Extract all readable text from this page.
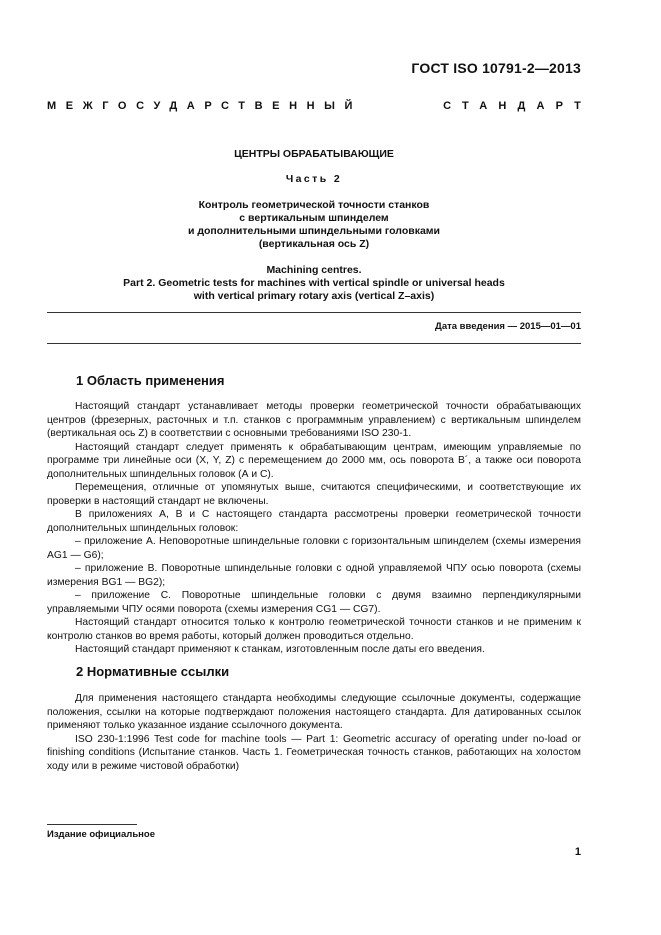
ГОСТ ISO 10791-2—2013
МЕЖГОСУДАРСТВЕННЫЙ	СТАНДАРТ
ЦЕНТРЫ ОБРАБАТЫВАЮЩИЕ
Часть 2
Контроль геометрической точности станков
с вертикальным шпинделем
и дополнительными шпиндельными головками
(вертикальная ось Z)
Machining centres.
Part 2. Geometric tests for machines with vertical spindle or universal heads
with vertical primary rotary axis (vertical Z–axis)
Дата введения — 2015—01—01
1 Область применения

Настоящий стандарт устанавливает методы проверки геометрической точности обрабатывающих центров (фрезерных, расточных и т.п. станков с программным управлением) с вертикальным шпинделем (вертикальная ось Z) в соответствии с основными требованиями ISO 230-1.

Настоящий стандарт следует применять к обрабатывающим центрам, имеющим управляемые по программе три линейные оси (X, Y, Z) с перемещением до 2000 мм, ось поворота B´, а также оси поворота дополнительных шпиндельных головок (А и С).

Перемещения, отличные от упомянутых выше, считаются специфическими, и соответствующие их проверки в настоящий стандарт не включены.

В приложениях А, В и С настоящего стандарта рассмотрены проверки геометрической точности дополнительных шпиндельных головок:

– приложение А. Неповоротные шпиндельные головки с горизонтальным шпинделем (схемы измерения AG1 — G6);

– приложение В. Поворотные шпиндельные головки с одной управляемой ЧПУ осью поворота (схемы измерения BG1 — BG2);

– приложение С. Поворотные шпиндельные головки с двумя взаимно перпендикулярными управляемыми ЧПУ осями поворота (схемы измерения CG1 — CG7).

Настоящий стандарт относится только к контролю геометрической точности станков и не применим к контролю станков во время работы, который должен проводиться отдельно.

Настоящий стандарт применяют к станкам, изготовленным после даты его введения.

2 Нормативные ссылки

Для применения настоящего стандарта необходимы следующие ссылочные документы, содержащие положения, ссылки на которые подтверждают положения настоящего стандарта. Для датированных ссылок применяют только указанное издание ссылочного документа.

ISO 230-1:1996 Test code for machine tools — Part 1: Geometric accuracy of operating under no-load or finishing conditions (Испытание станков. Часть 1. Геометрическая точность станков, работающих на холостом ходу или в режиме чистовой обработки)

Издание официальное
1
